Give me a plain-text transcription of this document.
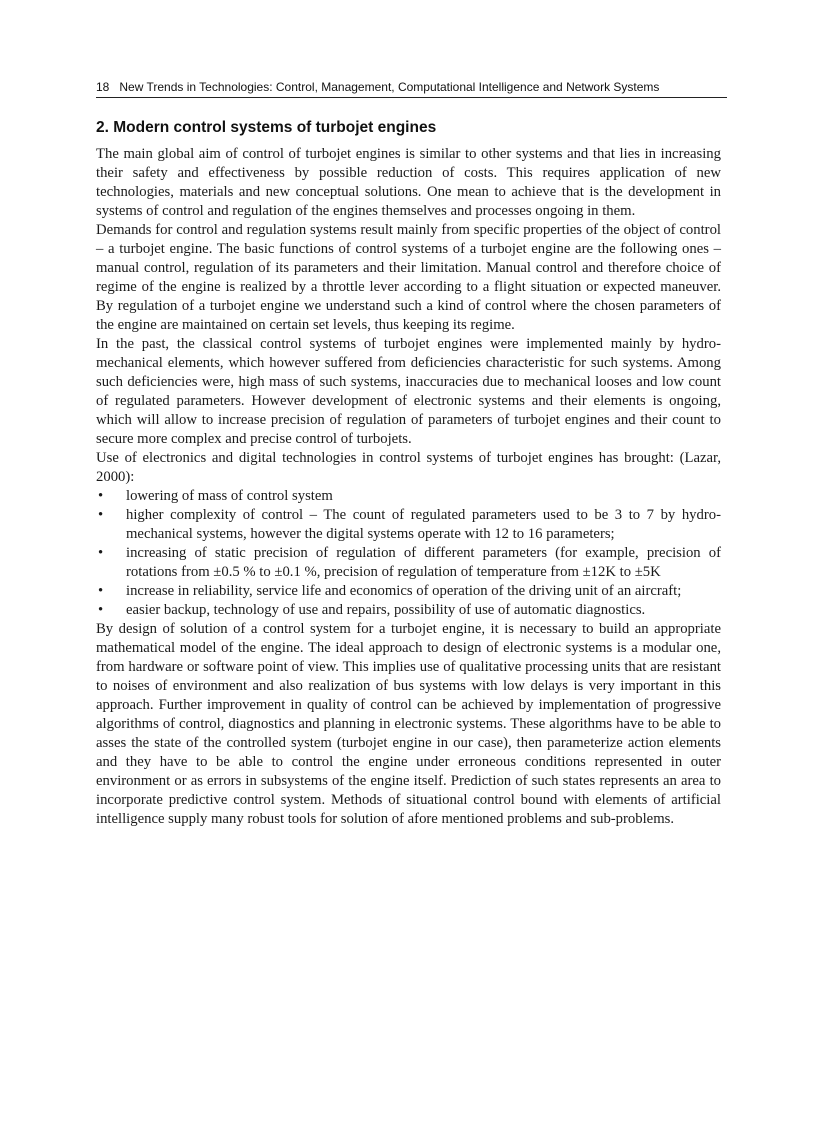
18 New Trends in Technologies: Control, Management, Computational Intelligence and Network Systems
2. Modern control systems of turbojet engines

The main global aim of control of turbojet engines is similar to other systems and that lies in increasing their safety and effectiveness by possible reduction of costs. This requires application of new technologies, materials and new conceptual solutions. One mean to achieve that is the development in systems of control and regulation of the engines themselves and processes ongoing in them.

Demands for control and regulation systems result mainly from specific properties of the object of control – a turbojet engine. The basic functions of control systems of a turbojet engine are the following ones – manual control, regulation of its parameters and their limitation. Manual control and therefore choice of regime of the engine is realized by a throttle lever according to a flight situation or expected maneuver. By regulation of a turbojet engine we understand such a kind of control where the chosen parameters of the engine are maintained on certain set levels, thus keeping its regime.

In the past, the classical control systems of turbojet engines were implemented mainly by hydro-mechanical elements, which however suffered from deficiencies characteristic for such systems. Among such deficiencies were, high mass of such systems, inaccuracies due to mechanical looses and low count of regulated parameters. However development of electronic systems and their elements is ongoing, which will allow to increase precision of regulation of parameters of turbojet engines and their count to secure more complex and precise control of turbojets.

Use of electronics and digital technologies in control systems of turbojet engines has brought: (Lazar, 2000):

• lowering of mass of control system
• higher complexity of control – The count of regulated parameters used to be 3 to 7 by hydro-mechanical systems, however the digital systems operate with 12 to 16 parameters;
• increasing of static precision of regulation of different parameters (for example, precision of rotations from ±0.5 % to ±0.1 %, precision of regulation of temperature from ±12K to ±5K
• increase in reliability, service life and economics of operation of the driving unit of an aircraft;
• easier backup, technology of use and repairs, possibility of use of automatic diagnostics.

By design of solution of a control system for a turbojet engine, it is necessary to build an appropriate mathematical model of the engine. The ideal approach to design of electronic systems is a modular one, from hardware or software point of view. This implies use of qualitative processing units that are resistant to noises of environment and also realization of bus systems with low delays is very important in this approach. Further improvement in quality of control can be achieved by implementation of progressive algorithms of control, diagnostics and planning in electronic systems. These algorithms have to be able to asses the state of the controlled system (turbojet engine in our case), then parameterize action elements and they have to be able to control the engine under erroneous conditions represented in outer environment or as errors in subsystems of the engine itself. Prediction of such states represents an area to incorporate predictive control system. Methods of situational control bound with elements of artificial intelligence supply many robust tools for solution of afore mentioned problems and sub-problems.
